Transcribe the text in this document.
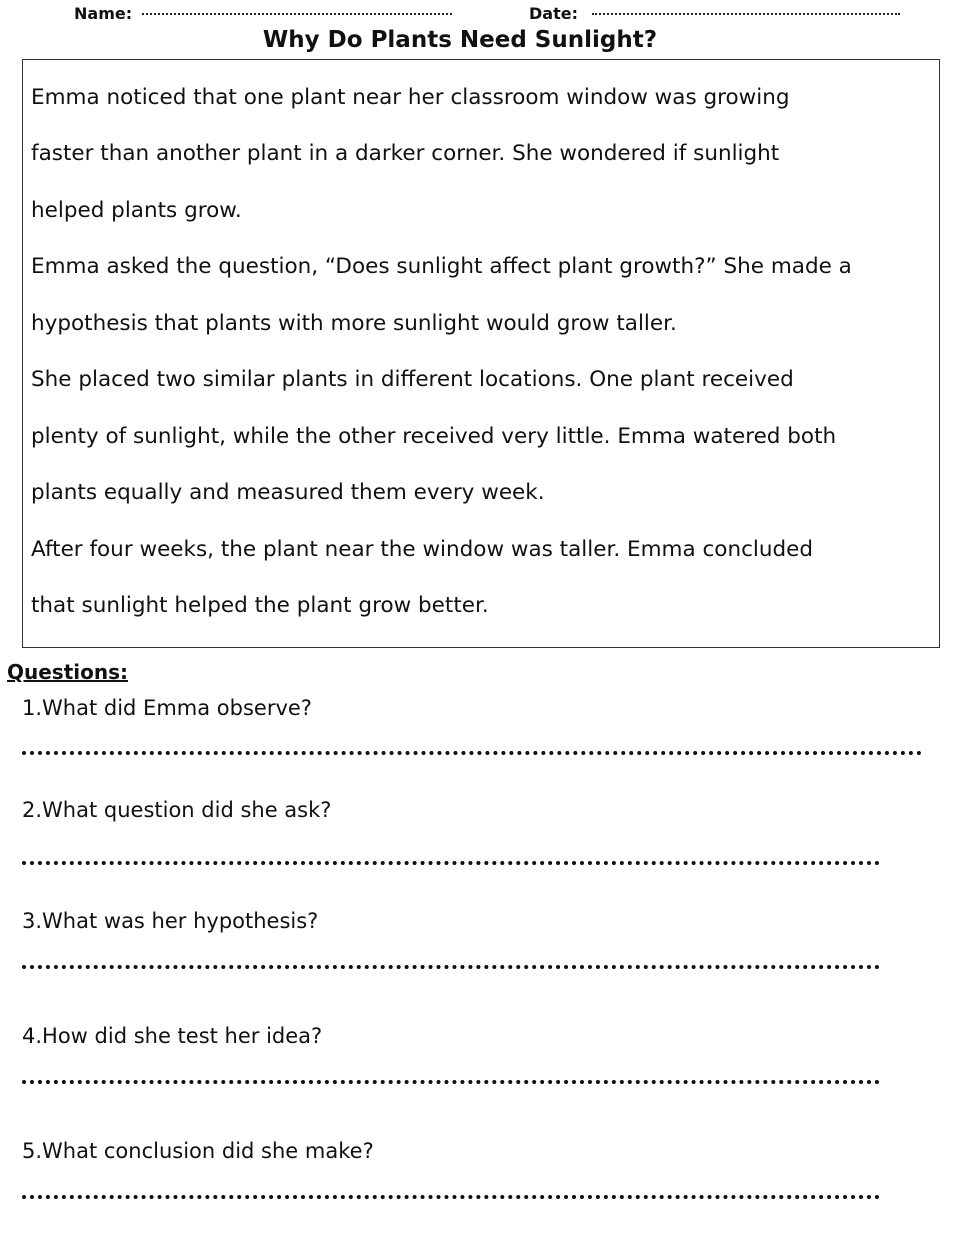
Name:	Date:
Why Do Plants Need Sunlight?
Emma noticed that one plant near her classroom window was growing
faster than another plant in a darker corner. She wondered if sunlight
helped plants grow.
Emma asked the question, “Does sunlight affect plant growth?” She made a
hypothesis that plants with more sunlight would grow taller.
She placed two similar plants in different locations. One plant received
plenty of sunlight, while the other received very little. Emma watered both
plants equally and measured them every week.
After four weeks, the plant near the window was taller. Emma concluded
that sunlight helped the plant grow better.
Questions:
1.What did Emma observe?
2.What question did she ask?
3.What was her hypothesis?
4.How did she test her idea?
5.What conclusion did she make?
